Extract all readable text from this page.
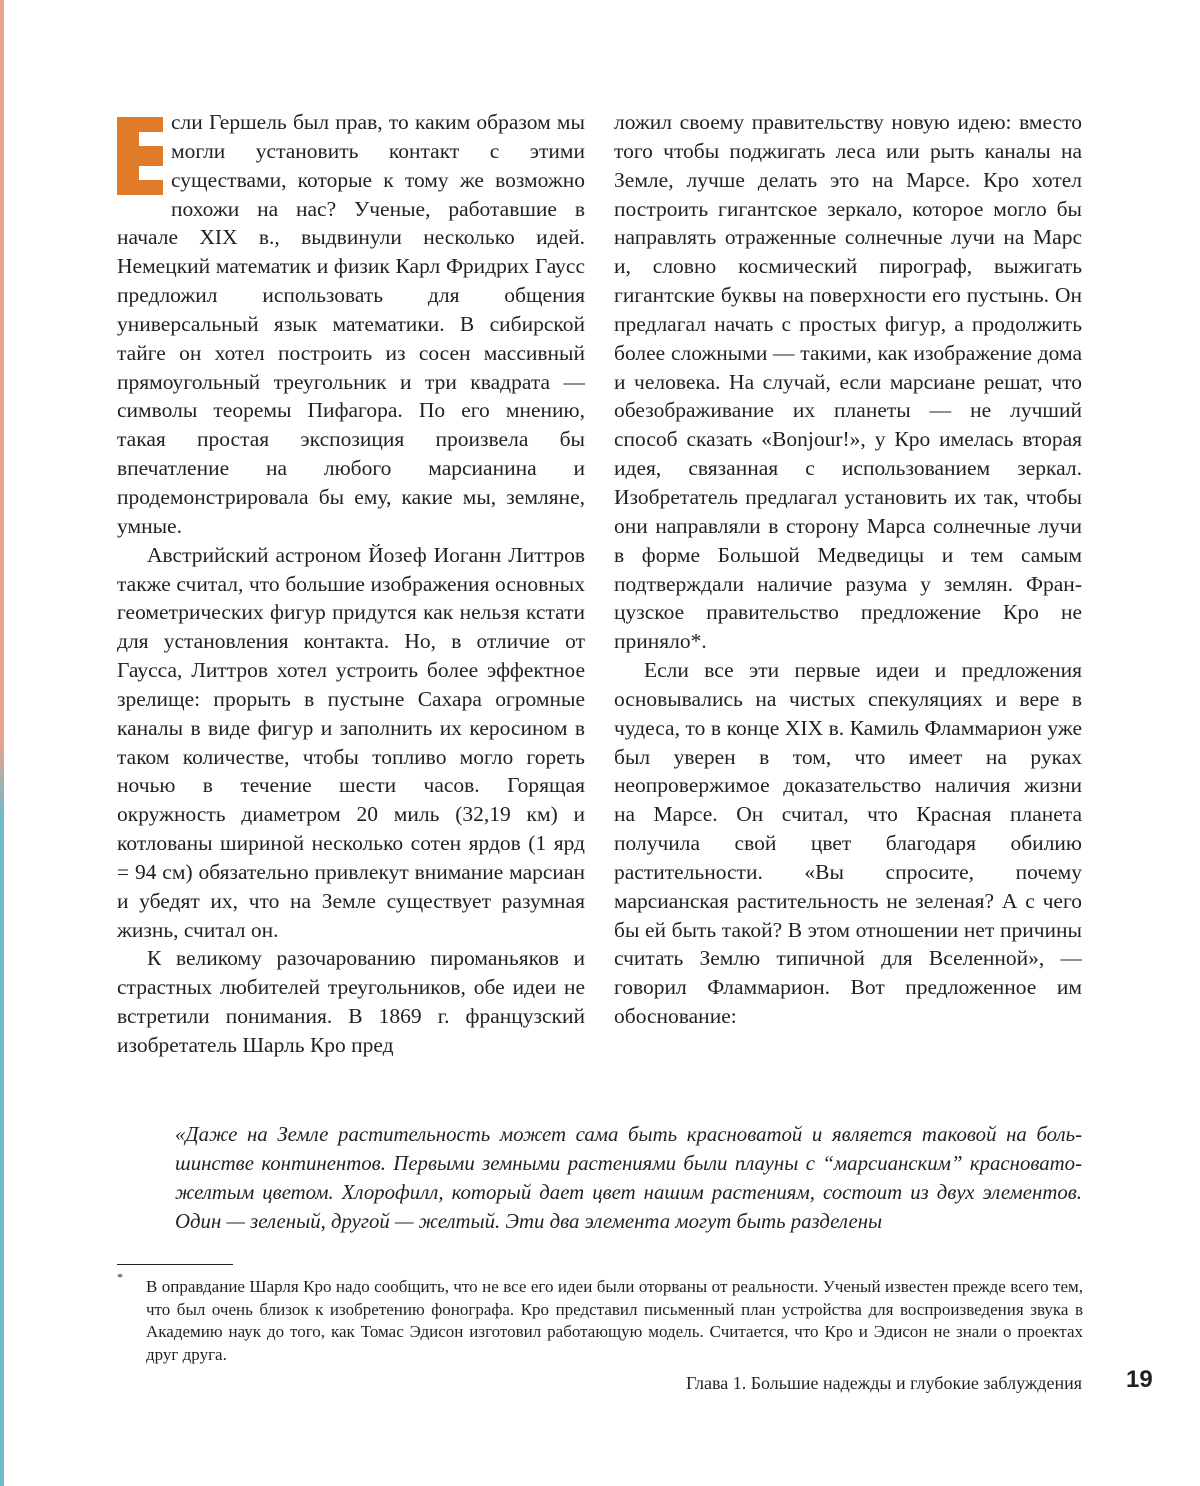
сли Гершель был прав, то каким образом мы могли установить контакт с этими существами, которые к тому же возможно похожи на нас? Ученые, работавшие в начале XIX в., выдвинули несколько идей. Немецкий математик и физик Карл Фридрих Гаусс предложил использовать для общения универсальный язык математики. В сибирской тайге он хотел построить из сосен массивный прямоугольный треугольник и три квадрата — символы теоремы Пифагора. По его мнению, такая простая экспозиция произвела бы впечатление на любого марсианина и продемонстрировала бы ему, какие мы, земляне, умные.

Австрийский астроном Йозеф Иоганн Литтров также считал, что большие изображения основных геометрических фигур придутся как нельзя кстати для установления контакта. Но, в отличие от Гаусса, Литтров хотел устроить более эффектное зрелище: прорыть в пустыне Сахара огромные каналы в виде фигур и заполнить их керосином в таком количестве, чтобы топливо могло гореть ночью в течение шести часов. Горящая окружность диаметром 20 миль (32,19 км) и котлованы шириной несколько сотен ярдов (1 ярд = 94 см) обязательно привлекут внимание марсиан и убедят их, что на Земле существует разумная жизнь, считал он.

К великому разочарованию пироманьяков и страстных любителей треугольников, обе идеи не встретили понимания. В 1869 г. французский изобретатель Шарль Кро пред

ложил своему правительству новую идею: вместо того чтобы поджигать леса или рыть каналы на Земле, лучше делать это на Марсе. Кро хотел построить гигантское зеркало, которое могло бы направлять отраженные солнечные лучи на Марс и, словно космический пирограф, выжигать гигантские буквы на поверхности его пустынь. Он предлагал начать с простых фигур, а продолжить более сложными — такими, как изображение дома и человека. На случай, если марсиане решат, что обезображивание их планеты — не лучший способ сказать «Bonjour!», у Кро имелась вторая идея, связанная с использованием зеркал. Изобретатель предлагал установить их так, чтобы они направляли в сторону Марса солнечные лучи в форме Большой Медведицы и тем самым подтверждали наличие разума у землян. Французское правительство предложение Кро не приняло*.

Если все эти первые идеи и предложения основывались на чистых спекуляциях и вере в чудеса, то в конце XIX в. Камиль Фламмарион уже был уверен в том, что имеет на руках неопровержимое доказательство наличия жизни на Марсе. Он считал, что Красная планета получила свой цвет благодаря обилию растительности. «Вы спросите, почему марсианская растительность не зеленая? А с чего бы ей быть такой? В этом отношении нет причины считать Землю типичной для Вселенной», — говорил Фламмарион. Вот предложенное им обоснование:

«Даже на Земле растительность может сама быть красноватой и является таковой на большинстве континентов. Первыми земными растениями были плауны с “марсианским” красновато-желтым цветом. Хлорофилл, который дает цвет нашим растениям, состоит из двух элементов. Один — зеленый, другой — желтый. Эти два элемента могут быть разделены
* В оправдание Шарля Кро надо сообщить, что не все его идеи были оторваны от реальности. Ученый известен прежде всего тем, что был очень близок к изобретению фонографа. Кро представил письменный план устройства для воспроизведения звука в Академию наук до того, как Томас Эдисон изготовил работающую модель. Считается, что Кро и Эдисон не знали о проектах друг друга.
Глава 1. Большие надежды и глубокие заблуждения 19
